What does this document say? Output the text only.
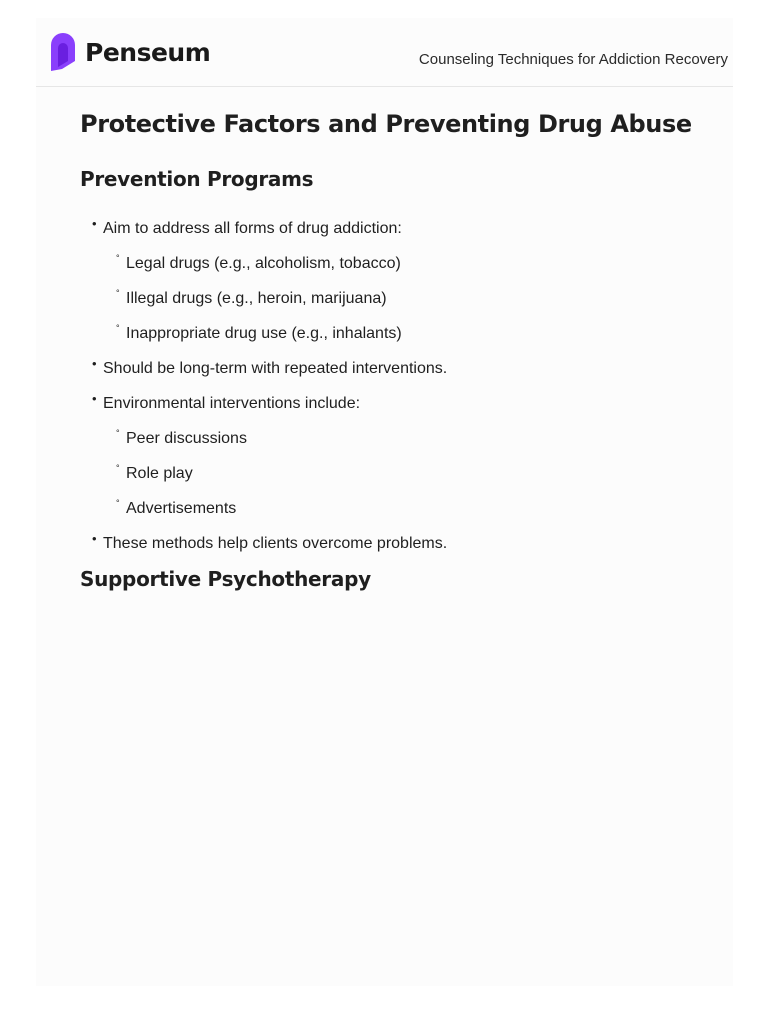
Penseum	Counseling Techniques for Addiction Recovery
Protective Factors and Preventing Drug Abuse
Prevention Programs
• Aim to address all forms of drug addiction:
° Legal drugs (e.g., alcoholism, tobacco)
° Illegal drugs (e.g., heroin, marijuana)
° Inappropriate drug use (e.g., inhalants)
• Should be long-term with repeated interventions.
• Environmental interventions include:
° Peer discussions
° Role play
° Advertisements
• These methods help clients overcome problems.
Supportive Psychotherapy
